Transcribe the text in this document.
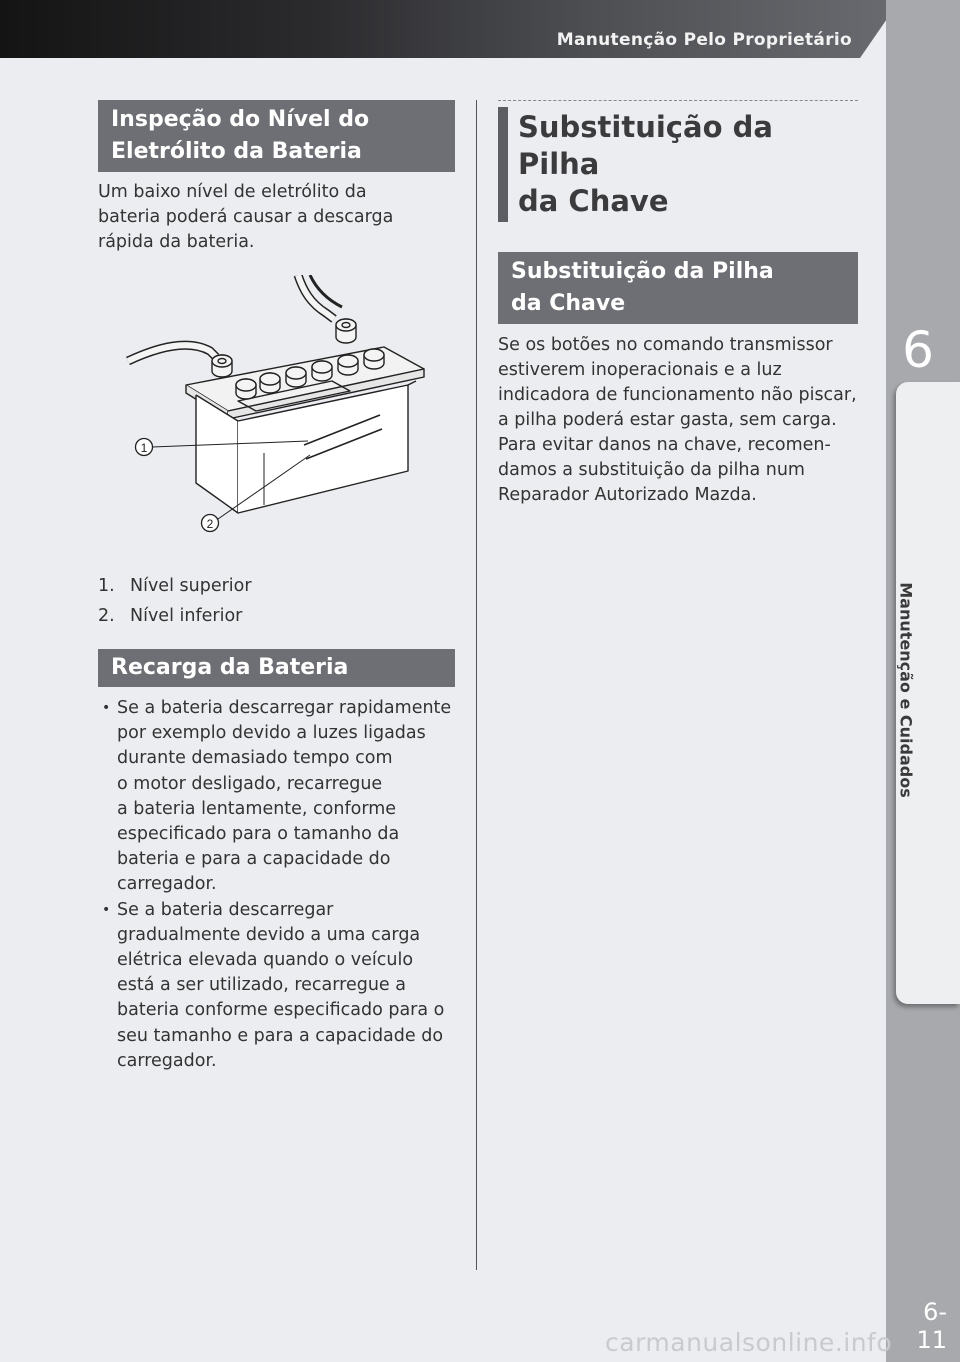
Manutenção Pelo Proprietário
6
Manutenção e Cuidados
6-11
Inspeção do Nível do
Eletrólito da Bateria

Um baixo nível de eletrólito da
bateria poderá causar a descarga
rápida da bateria.

1
2
1. Nível superior
2. Nível inferior
Recarga da Bateria
• Se a bateria descarregar rapidamente
por exemplo devido a luzes ligadas
durante demasiado tempo com
o motor desligado, recarregue
a bateria lentamente, conforme
especificado para o tamanho da
bateria e para a capacidade do
carregador.
• Se a bateria descarregar
gradualmente devido a uma carga
elétrica elevada quando o veículo
está a ser utilizado, recarregue a
bateria conforme especificado para o
seu tamanho e para a capacidade do
carregador.
Substituição da Pilha
da Chave
Substituição da Pilha
da Chave

Se os botões no comando transmissor
estiverem inoperacionais e a luz
indicadora de funcionamento não piscar,
a pilha poderá estar gasta, sem carga.
Para evitar danos na chave, recomen-
damos a substituição da pilha num
Reparador Autorizado Mazda.

carmanualsonline.info
